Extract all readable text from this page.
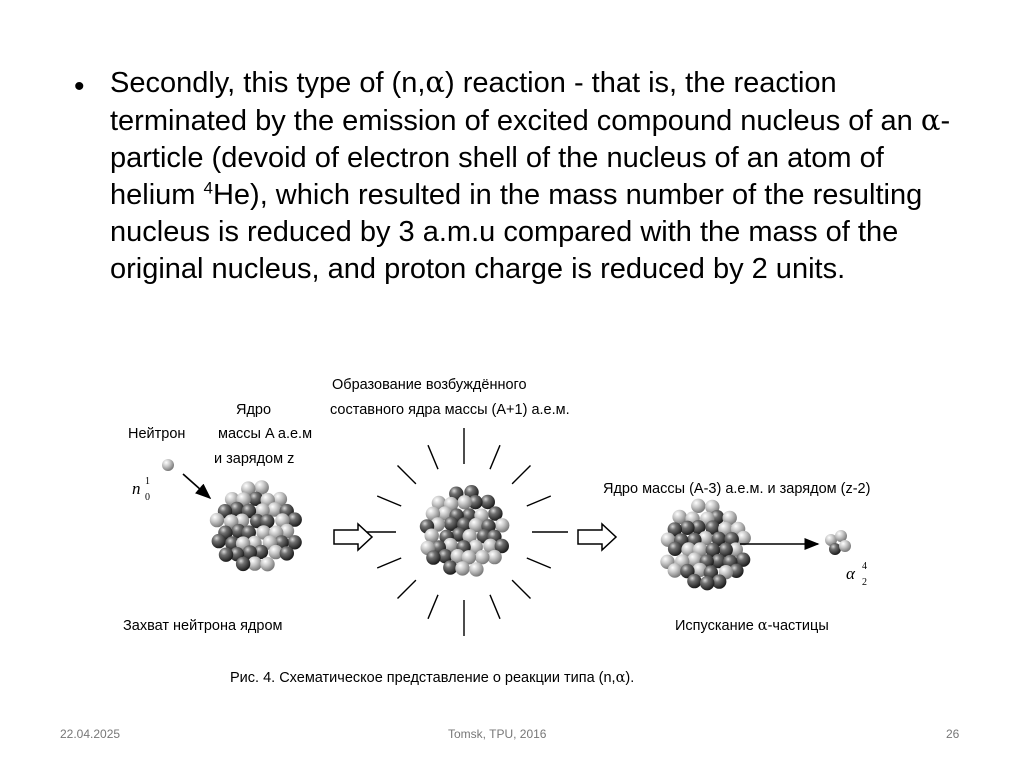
• Secondly, this type of (n,α) reaction - that is, the reaction terminated by the emission of excited compound nucleus of an α-particle (devoid of electron shell of the nucleus of an atom of helium $^4$He), which resulted in the mass number of the resulting nucleus is reduced by 3 a.m.u compared with the mass of the original nucleus, and proton charge is reduced by 2 units.
Образование возбуждённого
Ядро	составного ядра массы (A+1) а.е.м.
Нейтрон массы A а.е.м
и зарядом z
n 1
0
Ядро массы (A-3) а.е.м. и зарядом (z-2)
α 4
2
Захват нейтрона ядром	Испускание α-частицы
Рис. 4. Схематическое представление о реакции типа (n,α).
22.04.2025	Tomsk, TPU, 2016	26
